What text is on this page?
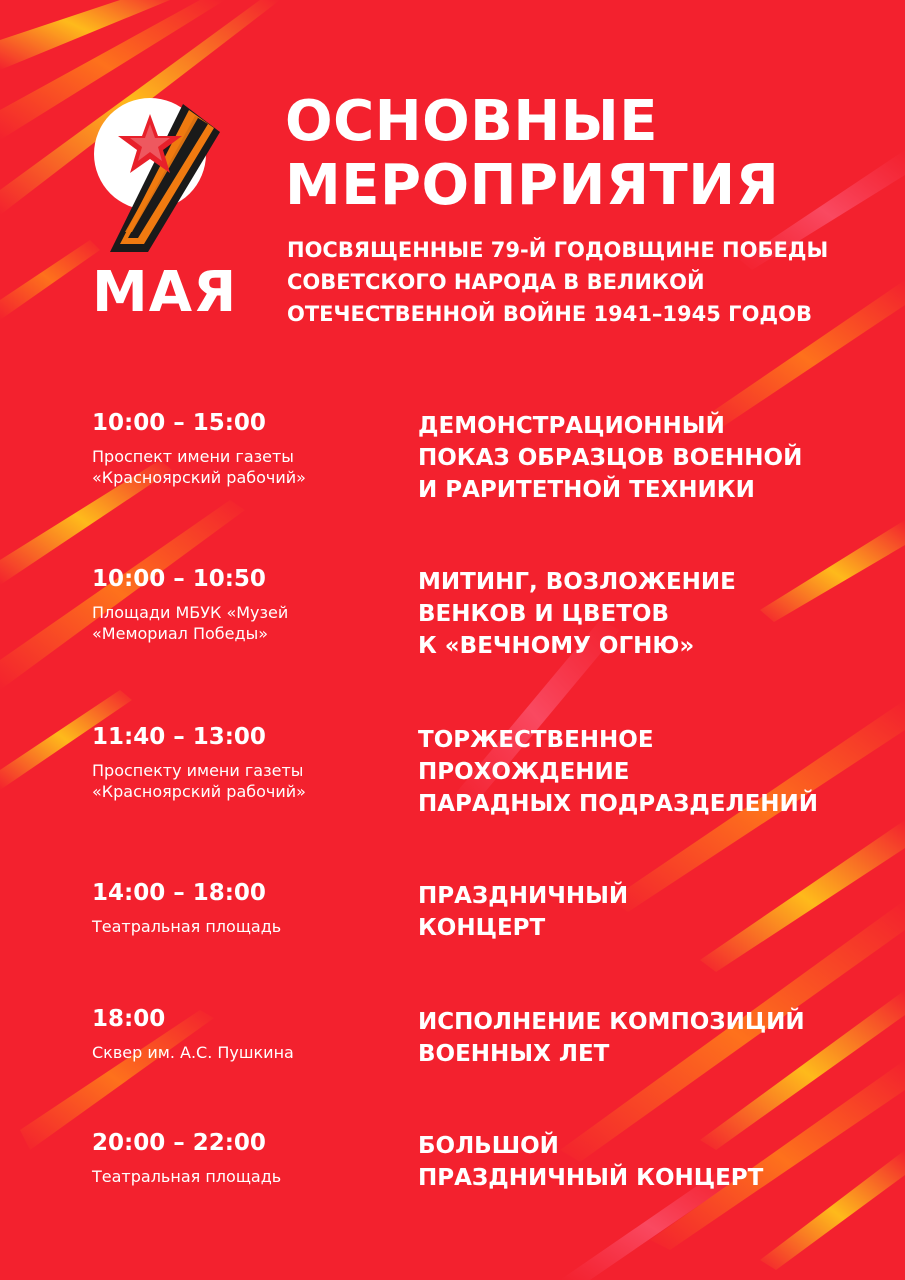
МАЯ
ОСНОВНЫЕ
МЕРОПРИЯТИЯ
ПОСВЯЩЕННЫЕ 79-Й ГОДОВЩИНЕ ПОБЕДЫ
СОВЕТСКОГО НАРОДА В ВЕЛИКОЙ
ОТЕЧЕСТВЕННОЙ ВОЙНЕ 1941–1945 ГОДОВ
10:00 – 15:00
Проспект имени газеты
«Красноярский рабочий»
ДЕМОНСТРАЦИОННЫЙ
ПОКАЗ ОБРАЗЦОВ ВОЕННОЙ
И РАРИТЕТНОЙ ТЕХНИКИ
10:00 – 10:50
Площади МБУК «Музей
«Мемориал Победы»
МИТИНГ, ВОЗЛОЖЕНИЕ
ВЕНКОВ И ЦВЕТОВ
К «ВЕЧНОМУ ОГНЮ»
11:40 – 13:00
Проспекту имени газеты
«Красноярский рабочий»
ТОРЖЕСТВЕННОЕ
ПРОХОЖДЕНИЕ
ПАРАДНЫХ ПОДРАЗДЕЛЕНИЙ
14:00 – 18:00
Театральная площадь
ПРАЗДНИЧНЫЙ
КОНЦЕРТ
18:00
Сквер им. А.С. Пушкина
ИСПОЛНЕНИЕ КОМПОЗИЦИЙ
ВОЕННЫХ ЛЕТ
20:00 – 22:00
Театральная площадь
БОЛЬШОЙ
ПРАЗДНИЧНЫЙ КОНЦЕРТ
